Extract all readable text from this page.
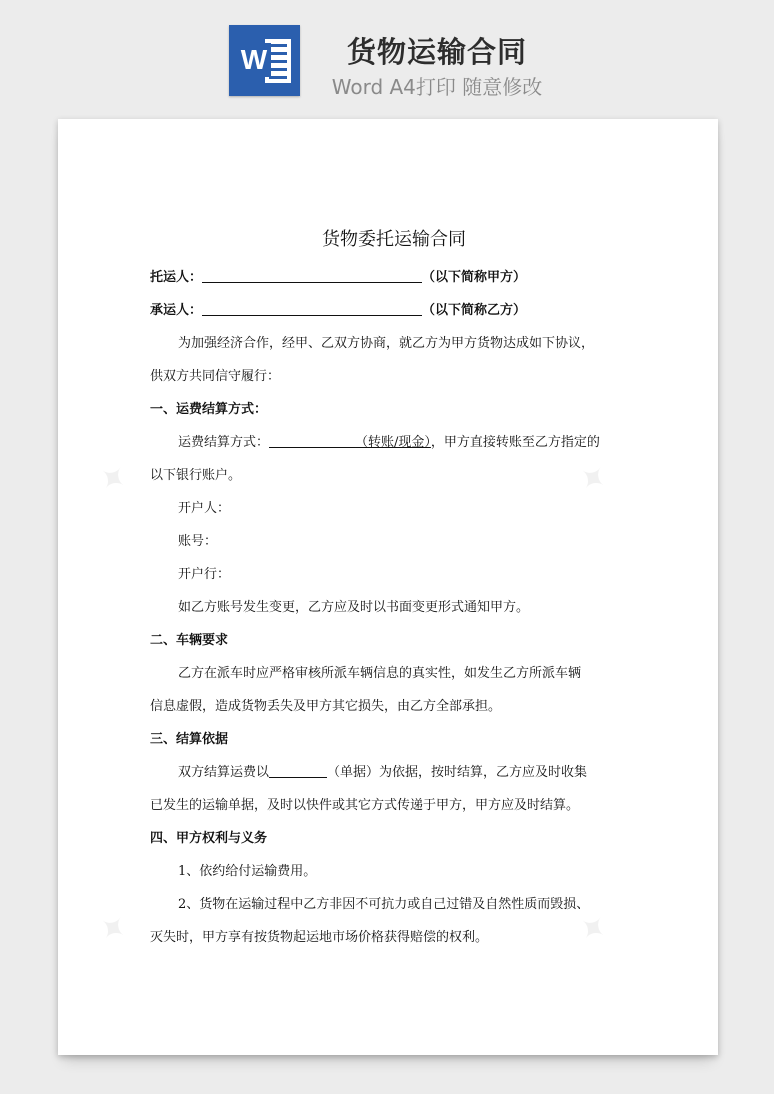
W	货物运输合同
Word A4打印 随意修改
✦	✦
✦	✦
货物委托运输合同
托运人：	（以下简称甲方）
承运人：	（以下简称乙方）
为加强经济合作，经甲、乙双方协商，就乙方为甲方货物达成如下协议，
供双方共同信守履行：
一、运费结算方式：
运费结算方式：	（转账/现金），甲方直接转账至乙方指定的
以下银行账户。
开户人：
账号：
开户行：
如乙方账号发生变更，乙方应及时以书面变更形式通知甲方。
二、车辆要求
乙方在派车时应严格审核所派车辆信息的真实性，如发生乙方所派车辆
信息虚假，造成货物丢失及甲方其它损失，由乙方全部承担。
三、结算依据
双方结算运费以	（单据）为依据，按时结算，乙方应及时收集
已发生的运输单据，及时以快件或其它方式传递于甲方，甲方应及时结算。
四、甲方权利与义务
1、依约给付运输费用。
2、货物在运输过程中乙方非因不可抗力或自己过错及自然性质而毁损、
灭失时，甲方享有按货物起运地市场价格获得赔偿的权利。
